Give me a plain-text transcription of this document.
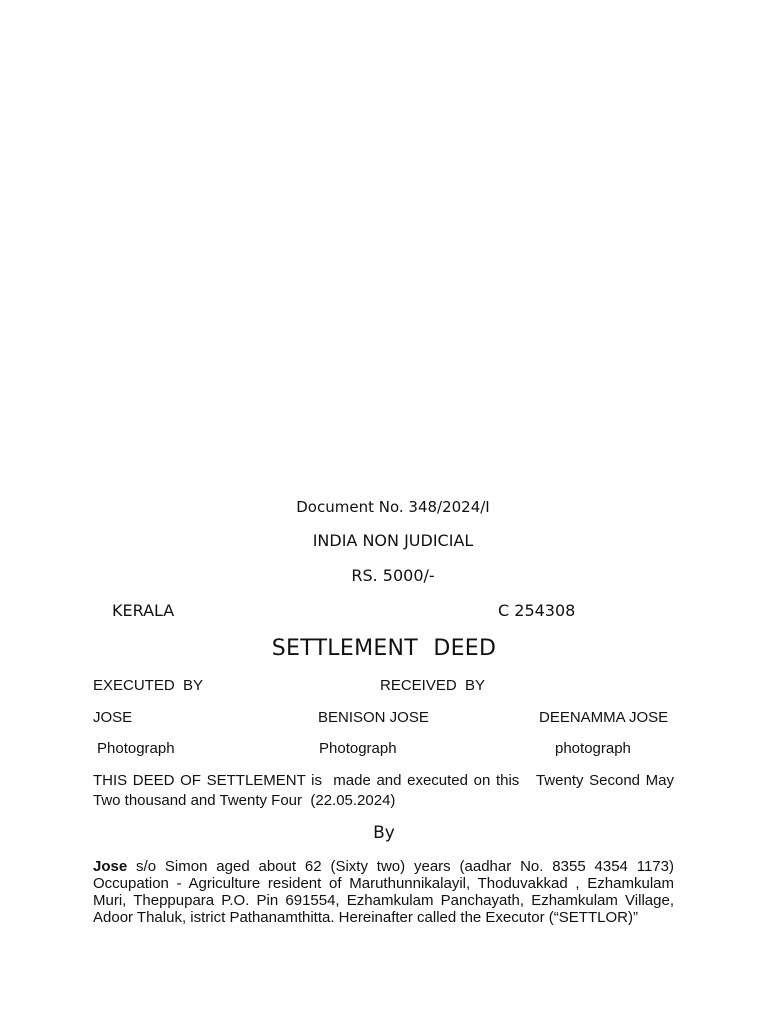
Document No. 348/2024/I
INDIA NON JUDICIAL
RS. 5000/-
KERALA	C 254308
SETTLEMENT DEED
EXECUTED  BY	RECEIVED  BY
JOSE	BENISON JOSE	DEENAMMA JOSE
Photograph	Photograph	photograph
THIS DEED OF SETTLEMENT is  made and executed on this   Twenty Second May Two thousand and Twenty Four  (22.05.2024)
By
Jose s/o Simon aged about 62 (Sixty two) years (aadhar No. 8355 4354 1173) Occupation - Agriculture resident of Maruthunnikalayil, Thoduvakkad , Ezhamkulam Muri, Theppupara P.O. Pin 691554, Ezhamkulam Panchayath, Ezhamkulam Village, Adoor Thaluk, istrict Pathanamthitta. Hereinafter called the Executor (“SETTLOR)”
